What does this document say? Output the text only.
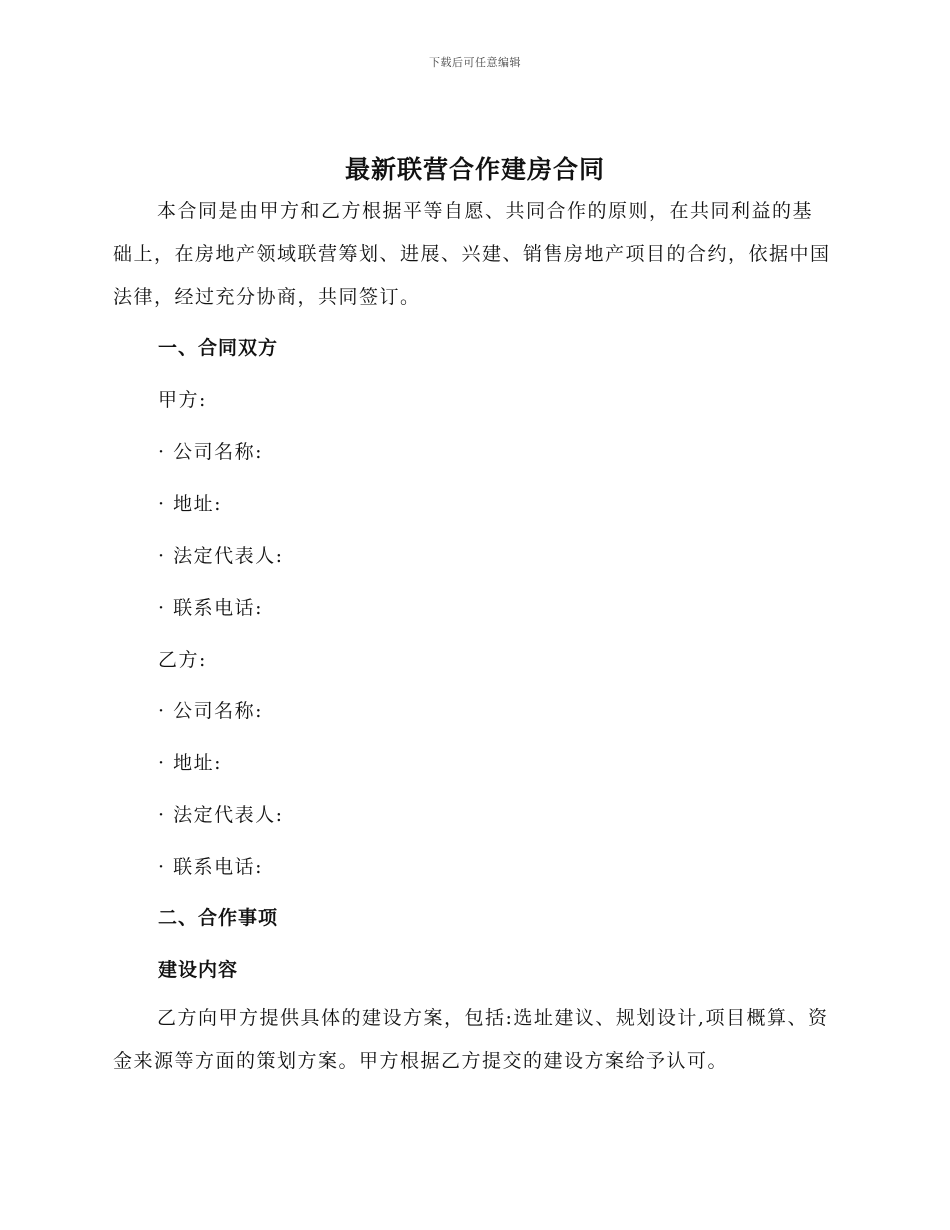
下载后可任意编辑
最新联营合作建房合同
本合同是由甲方和乙方根据平等自愿、共同合作的原则，在共同利益的基础上，在房地产领域联营筹划、进展、兴建、销售房地产项目的合约，依据中国法律，经过充分协商，共同签订。
一、合同双方
甲方:
· 公司名称:
· 地址:
· 法定代表人:
· 联系电话:
乙方:
· 公司名称:
· 地址:
· 法定代表人:
· 联系电话:
二、合作事项
建设内容
乙方向甲方提供具体的建设方案，包括:选址建议、规划设计,项目概算、资金来源等方面的策划方案。甲方根据乙方提交的建设方案给予认可。
